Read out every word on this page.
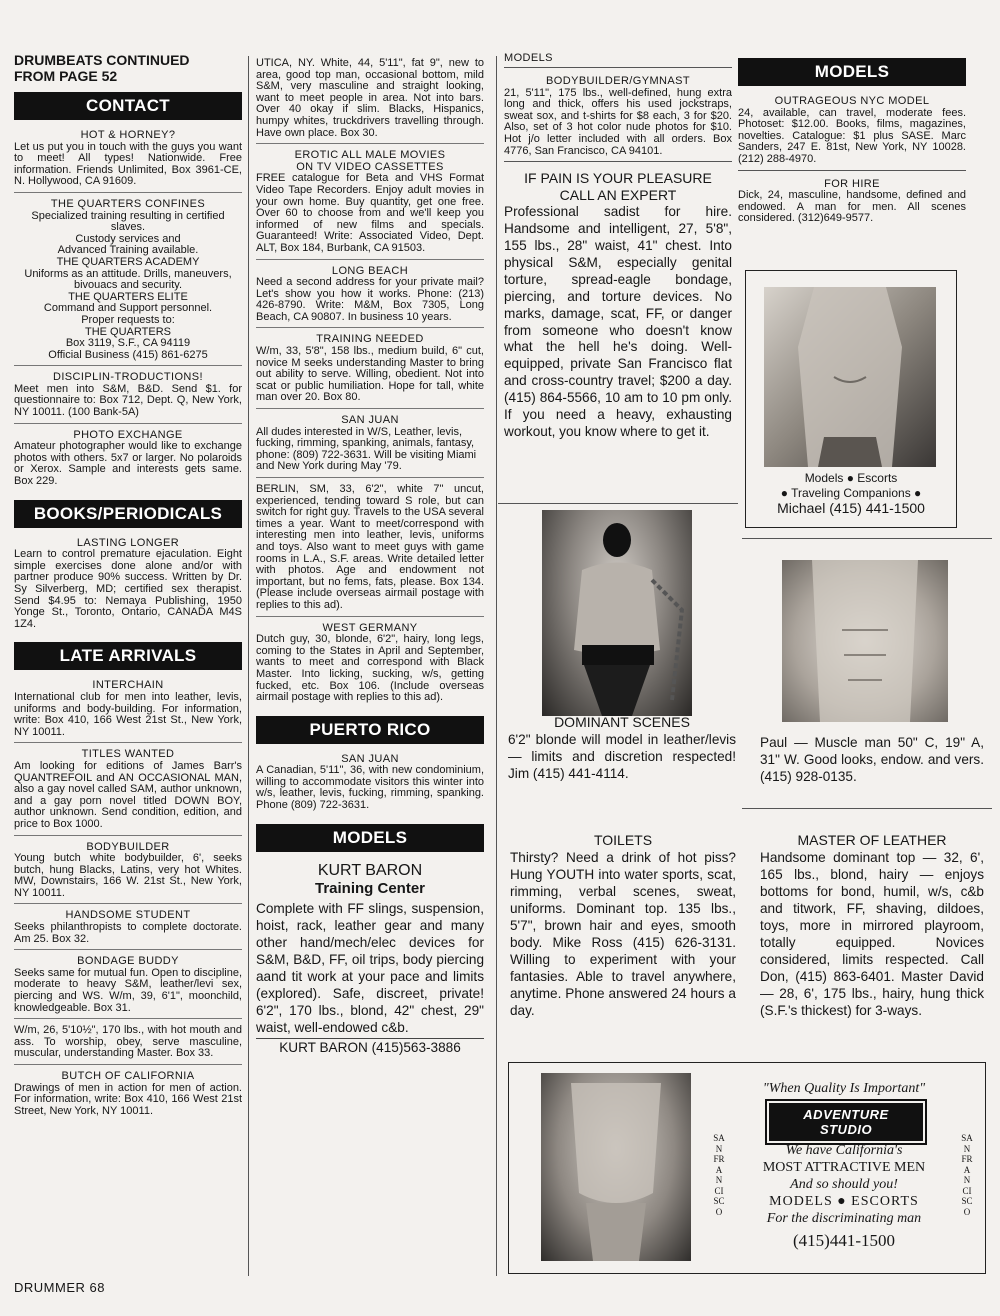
DRUMBEATS CONTINUED
FROM PAGE 52
CONTACT
HOT & HORNEY?
Let us put you in touch with the guys you want to meet! All types! Nationwide. Free information. Friends Unlimited, Box 3961-CE, N. Hollywood, CA 91609.
THE QUARTERS CONFINES
Specialized training resulting in certified slaves.
Custody services and
Advanced Training available.
THE QUARTERS ACADEMY
Uniforms as an attitude. Drills, maneuvers, bivouacs and security.
THE QUARTERS ELITE
Command and Support personnel.
Proper requests to:
THE QUARTERS
Box 3119, S.F., CA 94119
Official Business (415) 861-6275
DISCIPLIN-TRODUCTIONS!
Meet men into S&M, B&D. Send $1. for questionnaire to: Box 712, Dept. Q, New York, NY 10011. (100 Bank-5A)
PHOTO EXCHANGE
Amateur photographer would like to exchange photos with others. 5x7 or larger. No polaroids or Xerox. Sample and interests gets same. Box 229.
BOOKS/PERIODICALS
LASTING LONGER
Learn to control premature ejaculation. Eight simple exercises done alone and/or with partner produce 90% success. Written by Dr. Sy Silverberg, MD; certified sex therapist. Send $4.95 to: Nemaya Publishing, 1950 Yonge St., Toronto, Ontario, CANADA M4S 1Z4.
LATE ARRIVALS
INTERCHAIN
International club for men into leather, levis, uniforms and body-building. For information, write: Box 410, 166 West 21st St., New York, NY 10011.
TITLES WANTED
Am looking for editions of James Barr's QUANTREFOIL and AN OCCASIONAL MAN, also a gay novel called SAM, author unknown, and a gay porn novel titled DOWN BOY, author unknown. Send condition, edition, and price to Box 1000.
BODYBUILDER
Young butch white bodybuilder, 6', seeks butch, hung Blacks, Latins, very hot Whites. MW, Downstairs, 166 W. 21st St., New York, NY 10011.
HANDSOME STUDENT
Seeks philanthropists to complete doctorate. Am 25. Box 32.
BONDAGE BUDDY
Seeks same for mutual fun. Open to discipline, moderate to heavy S&M, leather/levi sex, piercing and WS. W/m, 39, 6'1", moonchild, knowledgeable. Box 31.
W/m, 26, 5'10½", 170 lbs., with hot mouth and ass. To worship, obey, serve masculine, muscular, understanding Master. Box 33.
BUTCH OF CALIFORNIA
Drawings of men in action for men of action. For information, write: Box 410, 166 West 21st Street, New York, NY 10011.
DRUMMER 68
UTICA, NY. White, 44, 5'11", fat 9", new to area, good top man, occasional bottom, mild S&M, very masculine and straight looking, want to meet people in area. Not into bars. Over 40 okay if slim. Blacks, Hispanics, humpy whites, truckdrivers travelling through. Have own place. Box 30.
EROTIC ALL MALE MOVIES
ON TV VIDEO CASSETTES
FREE catalogue for Beta and VHS Format Video Tape Recorders. Enjoy adult movies in your own home. Buy quantity, get one free. Over 60 to choose from and we'll keep you informed of new films and specials. Guaranteed! Write: Associated Video, Dept. ALT, Box 184, Burbank, CA 91503.
LONG BEACH
Need a second address for your private mail? Let's show you how it works. Phone: (213) 426-8790. Write: M&M, Box 7305, Long Beach, CA 90807. In business 10 years.
TRAINING NEEDED
W/m, 33, 5'8", 158 lbs., medium build, 6" cut, novice M seeks understanding Master to bring out ability to serve. Willing, obedient. Not into scat or public humiliation. Hope for tall, white man over 20. Box 80.
SAN JUAN
All dudes interested in W/S, Leather, levis, fucking, rimming, spanking, animals, fantasy, phone: (809) 722-3631. Will be visiting Miami and New York during May '79.
BERLIN, SM, 33, 6'2", white 7" uncut, experienced, tending toward S role, but can switch for right guy. Travels to the USA several times a year. Want to meet/correspond with interesting men into leather, levis, uniforms and toys. Also want to meet guys with game rooms in L.A., S.F. areas. Write detailed letter with photos. Age and endowment not important, but no fems, fats, please. Box 134. (Please include overseas airmail postage with replies to this ad).
WEST GERMANY
Dutch guy, 30, blonde, 6'2", hairy, long legs, coming to the States in April and September, wants to meet and correspond with Black Master. Into licking, sucking, w/s, getting fucked, etc. Box 106. (Include overseas airmail postage with replies to this ad).
PUERTO RICO
SAN JUAN
A Canadian, 5'11", 36, with new condominium, willing to accommodate visitors this winter into w/s, leather, levis, fucking, rimming, spanking. Phone (809) 722-3631.
MODELS
KURT BARON
Training Center
Complete with FF slings, suspension, hoist, rack, leather gear and many other hand/mech/elec devices for S&M, B&D, FF, oil trips, body piercing aand tit work at your pace and limits (explored). Safe, discreet, private! 6'2", 170 lbs., blond, 42" chest, 29" waist, well-endowed c&b.
KURT BARON (415)563-3886
MODELS
BODYBUILDER/GYMNAST
21, 5'11", 175 lbs., well-defined, hung extra long and thick, offers his used jockstraps, sweat sox, and t-shirts for $8 each, 3 for $20. Also, set of 3 hot color nude photos for $10. Hot j/o letter included with all orders. Box 4776, San Francisco, CA 94101.
IF PAIN IS YOUR PLEASURE
CALL AN EXPERT
Professional sadist for hire. Handsome and intelligent, 27, 5'8", 155 lbs., 28" waist, 41" chest. Into physical S&M, especially genital torture, spread-eagle bondage, piercing, and torture devices. No marks, damage, scat, FF, or danger from someone who doesn't know what the hell he's doing. Well-equipped, private San Francisco flat and cross-country travel; $200 a day. (415) 864-5566, 10 am to 10 pm only. If you need a heavy, exhausting workout, you know where to get it.
DOMINANT SCENES
6'2" blonde will model in leather/levis — limits and discretion respected! Jim (415) 441-4114.
TOILETS
Thirsty? Need a drink of hot piss? Hung YOUTH into water sports, scat, rimming, verbal scenes, sweat, uniforms. Dominant top. 135 lbs., 5'7", brown hair and eyes, smooth body. Mike Ross (415) 626-3131. Willing to experiment with your fantasies. Able to travel anywhere, anytime. Phone answered 24 hours a day.
MODELS
OUTRAGEOUS NYC MODEL
24, available, can travel, moderate fees. Photoset: $12.00. Books, films, magazines, novelties. Catalogue: $1 plus SASE. Marc Sanders, 247 E. 81st, New York, NY 10028. (212) 288-4970.
FOR HIRE
Dick, 24, masculine, handsome, defined and endowed. A man for men. All scenes considered. (312)649-9577.
Models ● Escorts
● Traveling Companions ●
Michael (415) 441-1500
Paul — Muscle man 50" C, 19" A, 31" W. Good looks, endow. and vers. (415) 928-0135.
MASTER OF LEATHER
Handsome dominant top — 32, 6', 165 lbs., blond, hairy — enjoys bottoms for bond, humil, w/s, c&b and titwork, FF, shaving, dildoes, toys, more in mirrored playroom, totally equipped. Novices considered, limits respected. Call Don, (415) 863-6401. Master David — 28, 6', 175 lbs., hairy, hung thick (S.F.'s thickest) for 3-ways.
"When Quality Is Important"
ADVENTURE STUDIO
We have California's
MOST ATTRACTIVE MEN
And so should you!
MODELS ● ESCORTS
For the discriminating man
(415)441-1500
SAN FRANCISCO
SAN FRANCISCO
